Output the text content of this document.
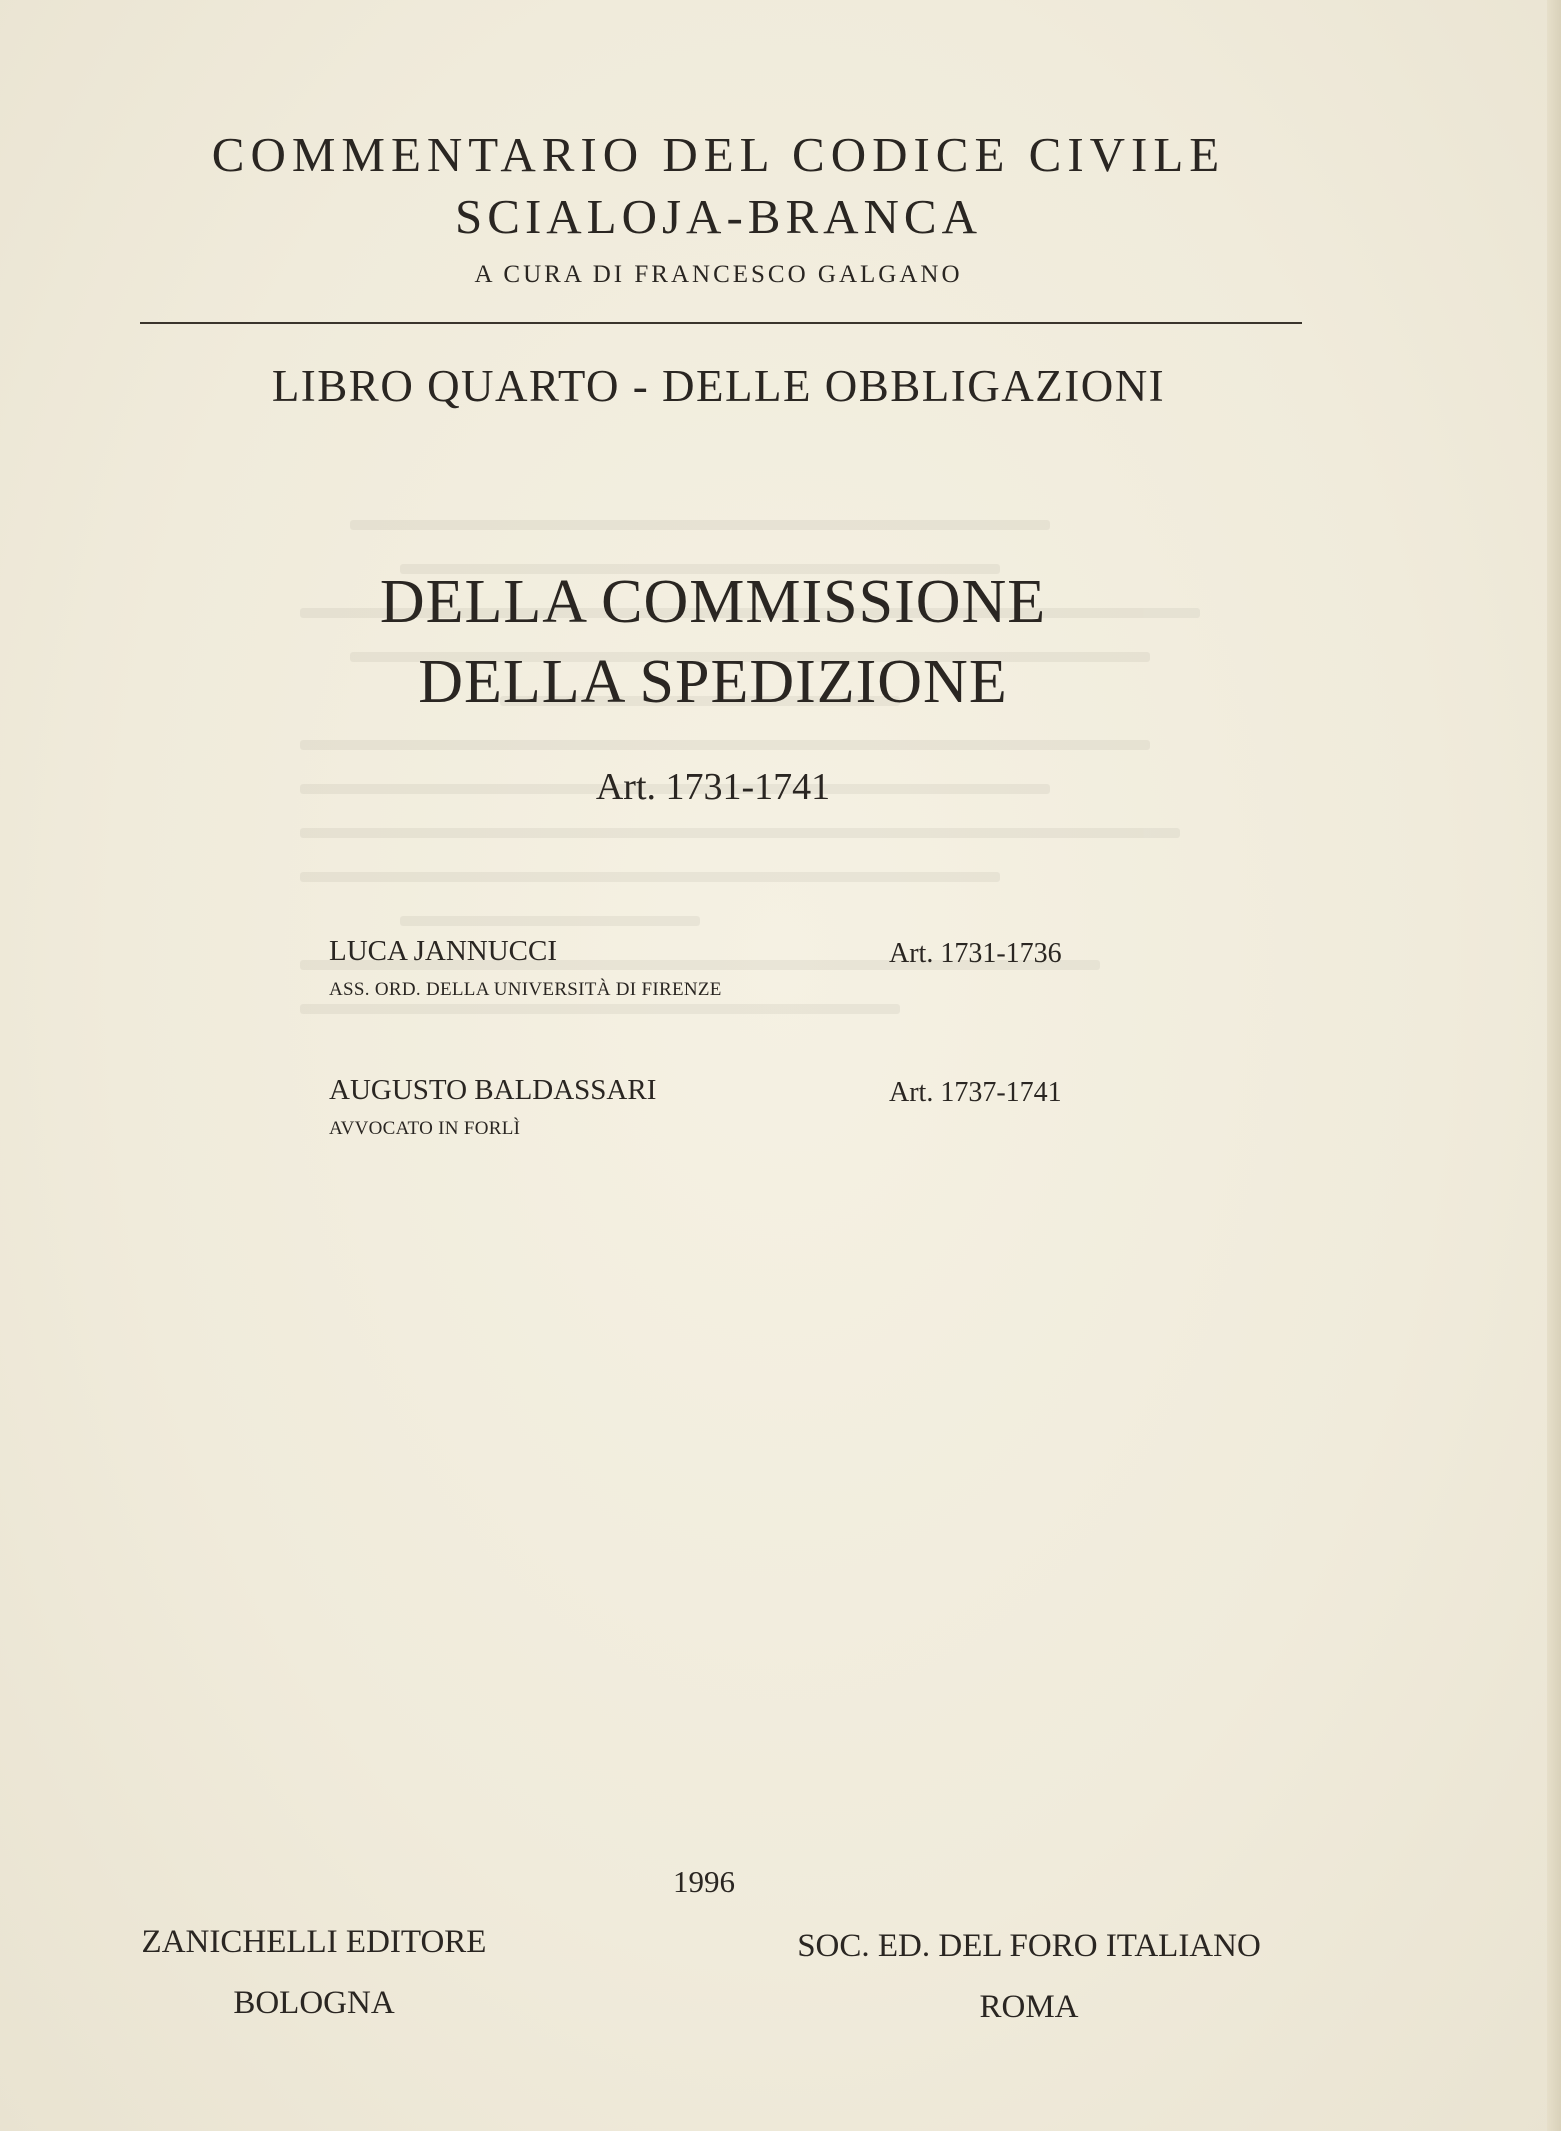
COMMENTARIO DEL CODICE CIVILE
SCIALOJA-BRANCA
A CURA DI FRANCESCO GALGANO
LIBRO QUARTO - DELLE OBBLIGAZIONI
DELLA COMMISSIONE
DELLA SPEDIZIONE
Art. 1731-1741
LUCA JANNUCCI
ASS. ORD. DELLA UNIVERSITÀ DI FIRENZE
Art. 1731-1736
AUGUSTO BALDASSARI
AVVOCATO IN FORLÌ
Art. 1737-1741
1996
ZANICHELLI EDITORE
BOLOGNA
SOC. ED. DEL FORO ITALIANO
ROMA
